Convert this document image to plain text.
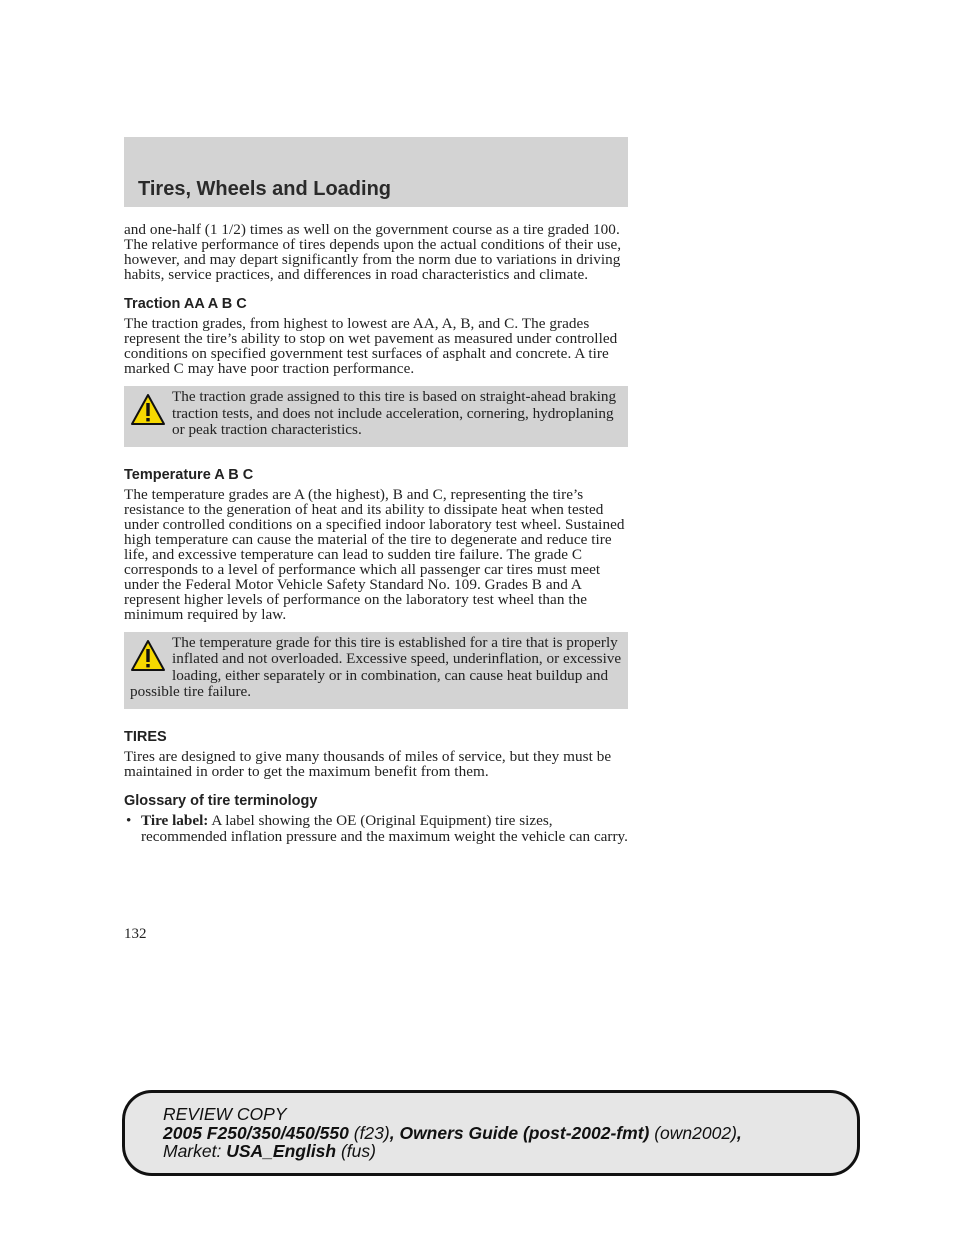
Tires, Wheels and Loading

and one-half (1 1/2) times as well on the government course as a tire graded 100. The relative performance of tires depends upon the actual conditions of their use, however, and may depart significantly from the norm due to variations in driving habits, service practices, and differences in road characteristics and climate.

Traction AA A B C

The traction grades, from highest to lowest are AA, A, B, and C. The grades represent the tire’s ability to stop on wet pavement as measured under controlled conditions on specified government test surfaces of asphalt and concrete. A tire marked C may have poor traction performance.

The traction grade assigned to this tire is based on straight-ahead braking traction tests, and does not include acceleration, cornering, hydroplaning or peak traction characteristics.
Temperature A B C

The temperature grades are A (the highest), B and C, representing the tire’s resistance to the generation of heat and its ability to dissipate heat when tested under controlled conditions on a specified indoor laboratory test wheel. Sustained high temperature can cause the material of the tire to degenerate and reduce tire life, and excessive temperature can lead to sudden tire failure. The grade C corresponds to a level of performance which all passenger car tires must meet under the Federal Motor Vehicle Safety Standard No. 109. Grades B and A represent higher levels of performance on the laboratory test wheel than the minimum required by law.

The temperature grade for this tire is established for a tire that is properly inflated and not overloaded. Excessive speed, underinflation, or excessive loading, either separately or in combination, can cause heat buildup and possible tire failure.
TIRES

Tires are designed to give many thousands of miles of service, but they must be maintained in order to get the maximum benefit from them.

Glossary of tire terminology
• Tire label: A label showing the OE (Original Equipment) tire sizes, recommended inflation pressure and the maximum weight the vehicle can carry.
132
REVIEW COPY
2005 F250/350/450/550 (f23), Owners Guide (post-2002-fmt) (own2002),
Market: USA_English (fus)
